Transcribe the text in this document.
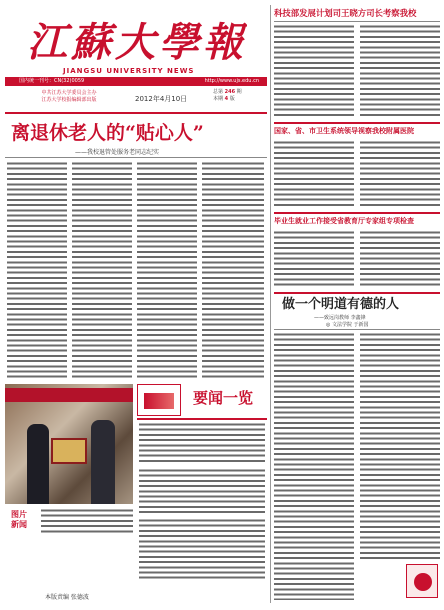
江蘇大學報
JIANGSU UNIVERSITY NEWS
国内统一刊号：CN(32)0059	http://www.ujs.edu.cn
中共江苏大学委员会主办
江苏大学校报编辑部出版	2012年4月10日
总第 246 期
本期 4 版
离退休老人的“贴心人”
——我校退管处服务老同志纪实
图片
新闻
要闻一览
本版责编 张德波
科技部发展计划司王晓方司长考察我校
国家、省、市卫生系统领导视察我校附属医院
毕业生就业工作接受省教育厅专家组专项检查
做一个明道有德的人
——致远岗教师 李鑫锋
◎ 文法学院 于新国
